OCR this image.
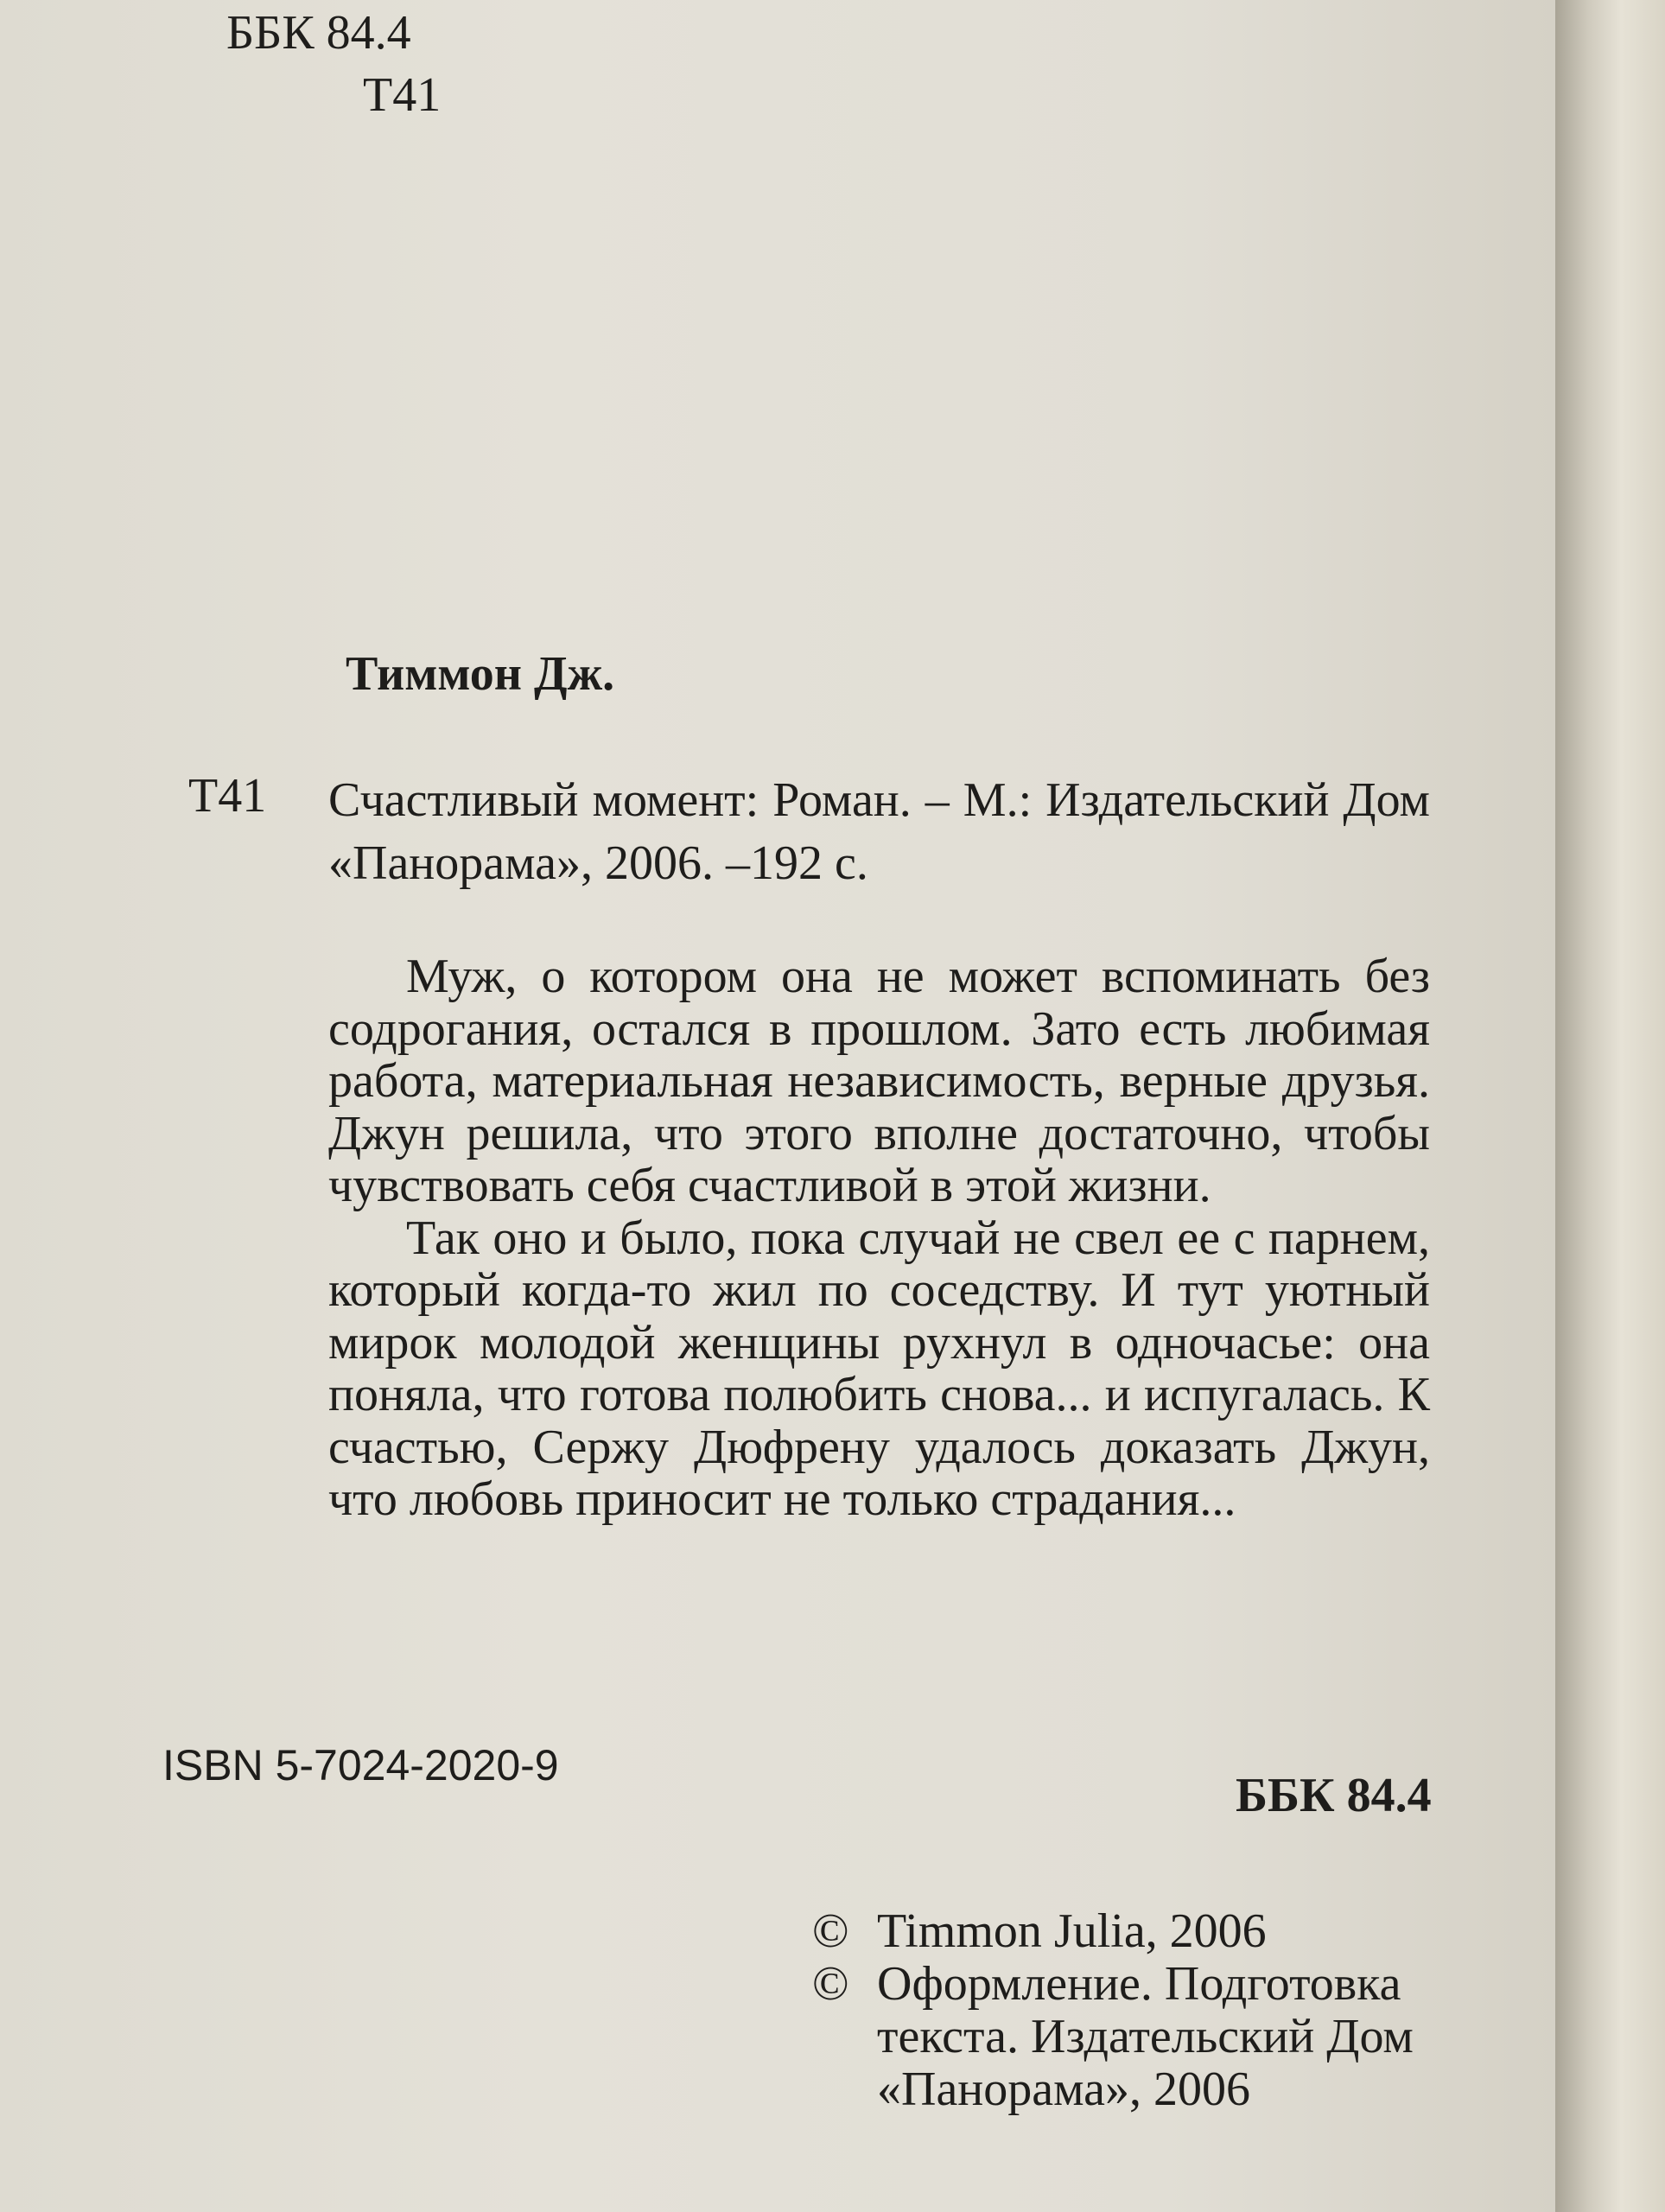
ББК 84.4
Т41
Тиммон Дж.
Т41 Счастливый момент: Роман. – М.: Издательский Дом «Панорама», 2006. –192 с.

Муж, о котором она не может вспоминать без содрогания, остался в прошлом. Зато есть любимая работа, материальная независимость, верные друзья. Джун решила, что этого вполне достаточно, чтобы чувствовать себя счастливой в этой жизни.

Так оно и было, пока случай не свел ее с парнем, который когда-то жил по соседству. И тут уютный мирок молодой женщины рухнул в одночасье: она поняла, что готова полюбить снова... и испугалась. К счастью, Сержу Дюфрену удалось доказать Джун, что любовь приносит не только страдания...

ISBN 5-7024-2020-9
ББК 84.4
© Timmon Julia, 2006
© Оформление. Подготовка текста. Издательский Дом «Панорама», 2006
